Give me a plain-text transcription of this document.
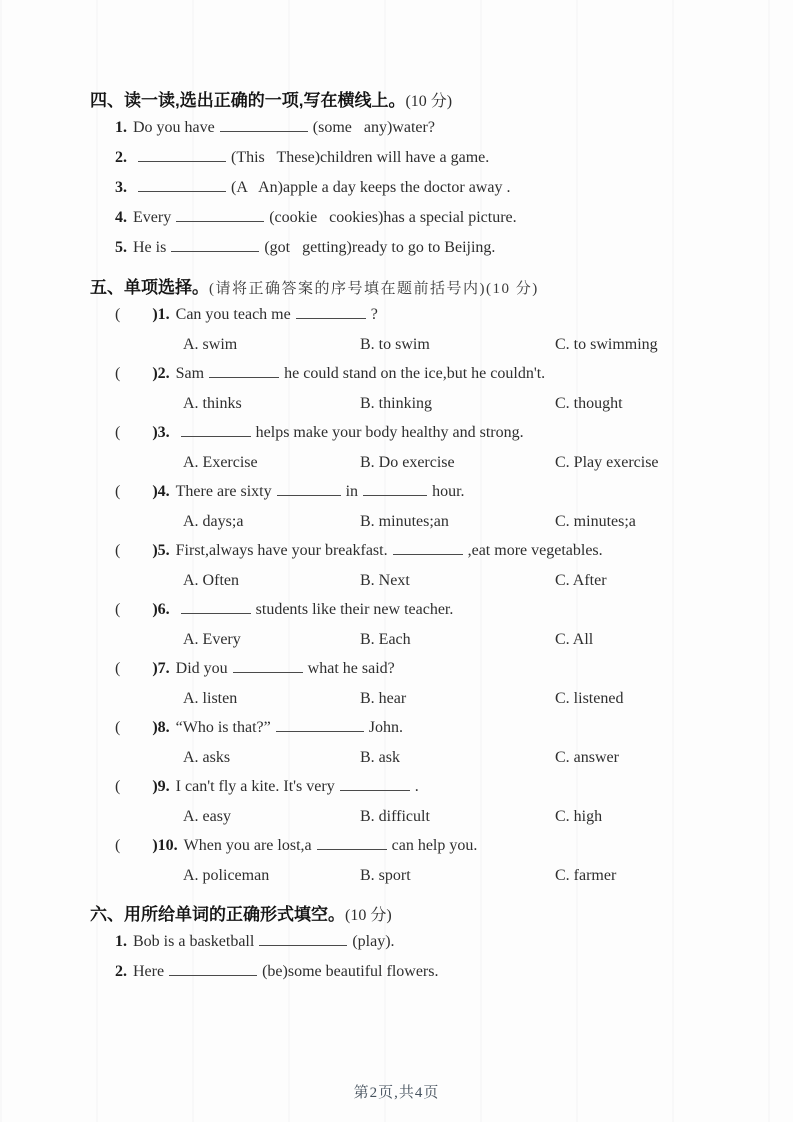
四、读一读,选出正确的一项,写在横线上。(10 分)
1. Do you have	(some   any)water?
2.	(This   These)children will have a game.
3.	(A   An)apple a day keeps the doctor away .
4. Every	(cookie   cookies)has a special picture.
5. He is	(got   getting)ready to go to Beijing.
五、单项选择。(请将正确答案的序号填在题前括号内)(10 分)
( )1. Can you teach me	?
A. swim	B. to swim	C. to swimming
( )2. Sam	he could stand on the ice,but he couldn't.
A. thinks	B. thinking	C. thought
( )3.	helps make your body healthy and strong.
A. Exercise	B. Do exercise	C. Play exercise
( )4. There are sixty	in	hour.
A. days;a	B. minutes;an	C. minutes;a
( )5. First,always have your breakfast.	,eat more vegetables.
A. Often	B. Next	C. After
( )6.	students like their new teacher.
A. Every	B. Each	C. All
( )7. Did you	what he said?
A. listen	B. hear	C. listened
( )8. “Who is that?”	John.
A. asks	B. ask	C. answer
( )9. I can't fly a kite. It's very	.
A. easy	B. difficult	C. high
( )10. When you are lost,a	can help you.
A. policeman	B. sport	C. farmer
六、用所给单词的正确形式填空。(10 分)
1. Bob is a basketball	(play).
2. Here	(be)some beautiful flowers.
第2页,共4页
